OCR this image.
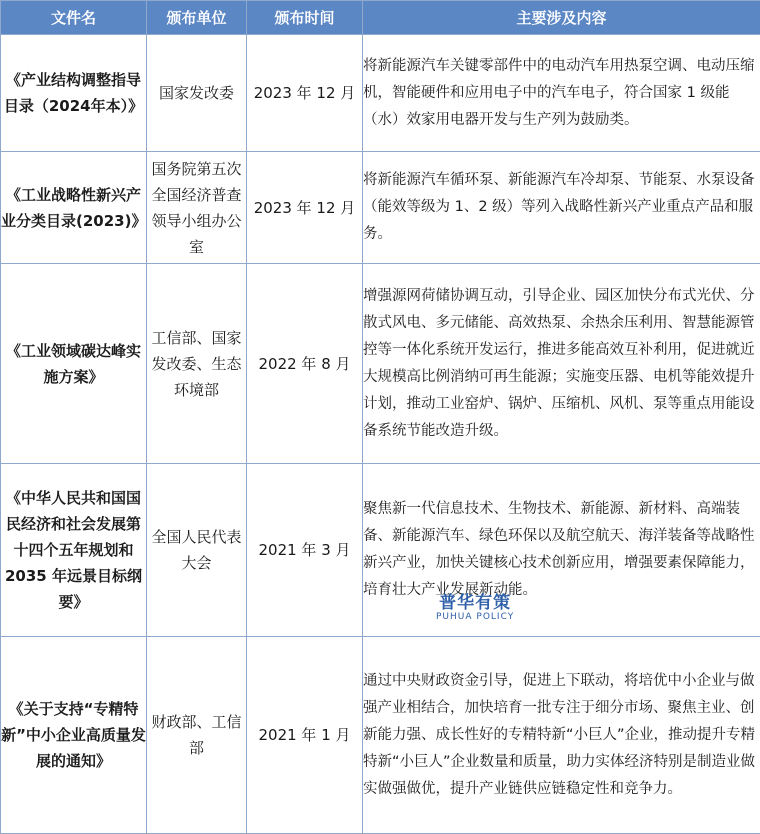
文件名	颁布单位	颁布时间	主要涉及内容
《产业结构调整指导目录（2024年本）》	国家发改委	2023 年 12 月	将新能源汽车关键零部件中的电动汽车用热泵空调、电动压缩机，智能硬件和应用电子中的汽车电子，符合国家 1 级能（水）效家用电器开发与生产列为鼓励类。
《工业战略性新兴产业分类目录(2023)》	国务院第五次全国经济普查领导小组办公室	2023 年 12 月	将新能源汽车循环泵、新能源汽车冷却泵、节能泵、水泵设备（能效等级为 1、2 级）等列入战略性新兴产业重点产品和服务。
《工业领域碳达峰实施方案》	工信部、国家发改委、生态环境部	2022 年 8 月	增强源网荷储协调互动，引导企业、园区加快分布式光伏、分散式风电、多元储能、高效热泵、余热余压利用、智慧能源管控等一体化系统开发运行，推进多能高效互补利用，促进就近大规模高比例消纳可再生能源；实施变压器、电机等能效提升计划，推动工业窑炉、锅炉、压缩机、风机、泵等重点用能设备系统节能改造升级。
《中华人民共和国国民经济和社会发展第十四个五年规划和 2035 年远景目标纲要》	全国人民代表大会	2021 年 3 月	聚焦新一代信息技术、生物技术、新能源、新材料、高端装备、新能源汽车、绿色环保以及航空航天、海洋装备等战略性新兴产业，加快关键核心技术创新应用，增强要素保障能力，培育壮大产业发展新动能。
普华有策
PUHUA POLICY

《关于支持“专精特新”中小企业高质量发展的通知》	财政部、工信部	2021 年 1 月	通过中央财政资金引导，促进上下联动，将培优中小企业与做强产业相结合，加快培育一批专注于细分市场、聚焦主业、创新能力强、成长性好的专精特新“小巨人”企业，推动提升专精特新“小巨人”企业数量和质量，助力实体经济特别是制造业做实做强做优，提升产业链供应链稳定性和竞争力。
